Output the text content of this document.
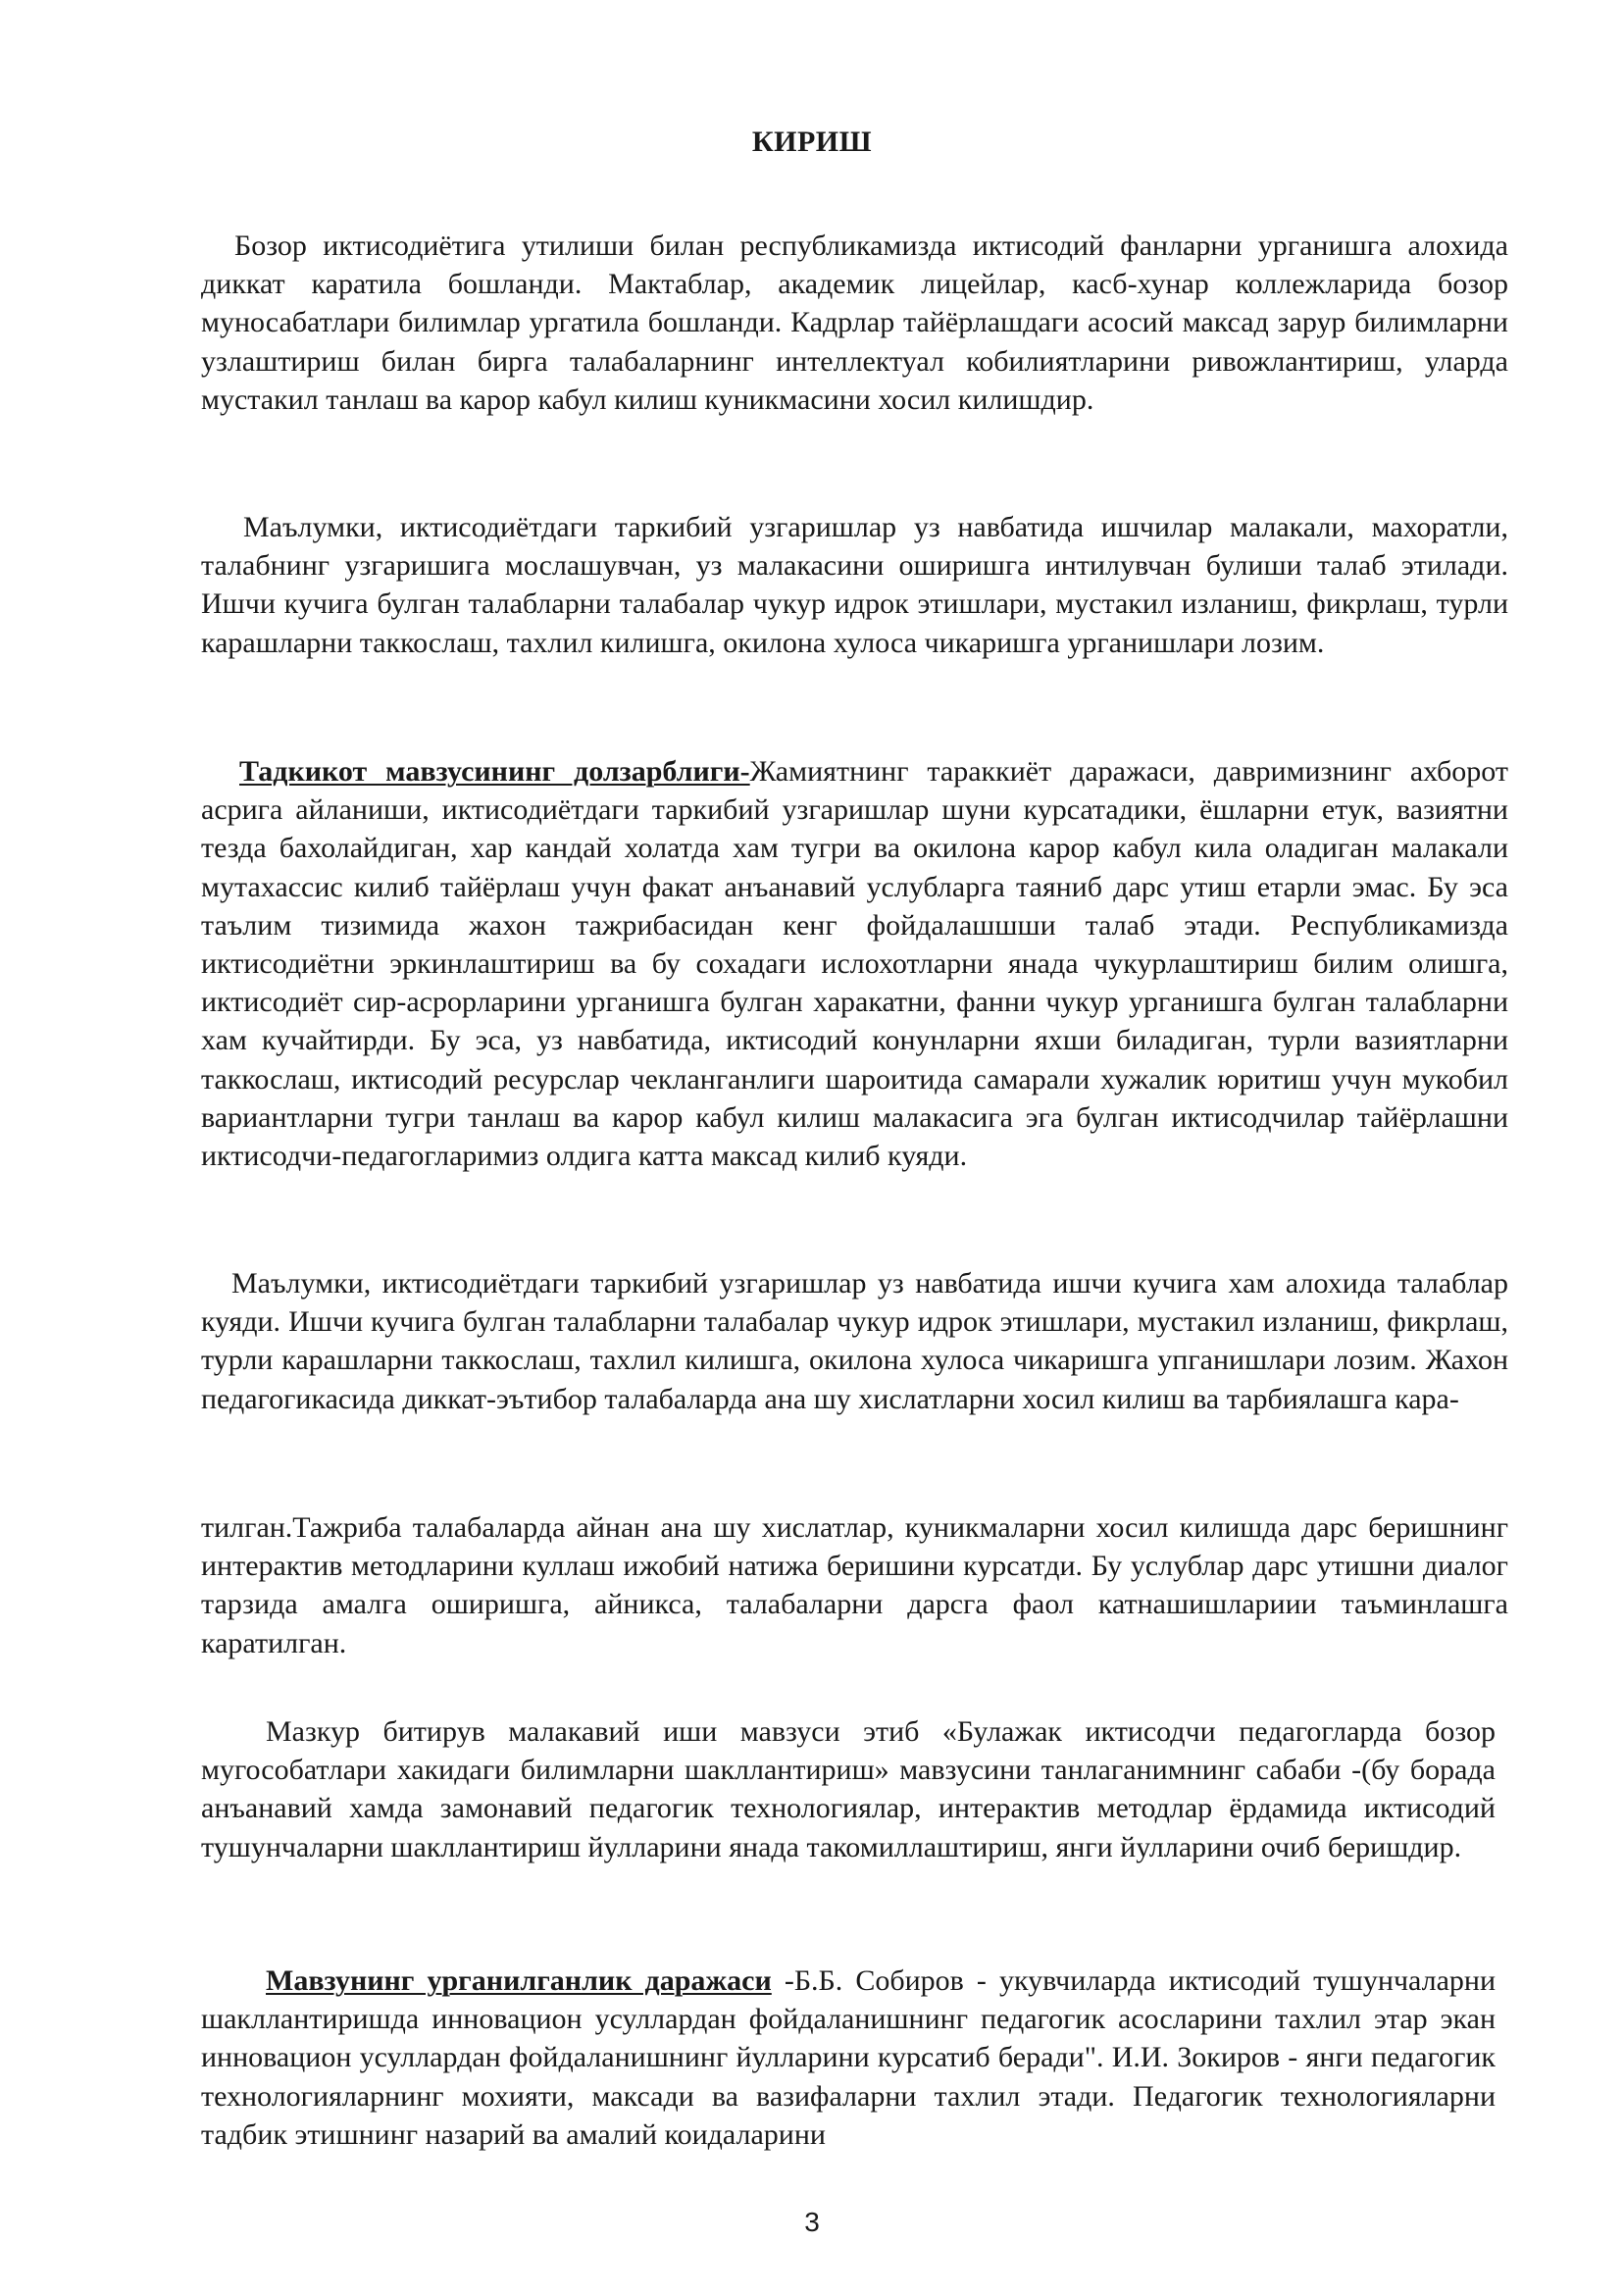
КИРИШ

Бозор иктисодиётига утилиши билан республикамизда иктисодий фанларни урганишга алохида диккат каратила бошланди. Мактаблар, академик лицейлар, касб-хунар коллежларида бозор муносабатлари билимлар ургатила бошланди. Кадрлар тайёрлашдаги асосий максад зарур билимларни узлаштириш билан бирга талабаларнинг интеллектуал кобилиятларини ривожлантириш, уларда мустакил танлаш ва карор кабул килиш куникмасини хосил килишдир.

Маълумки, иктисодиётдаги таркибий узгаришлар уз навбатида ишчилар малакали, махоратли, талабнинг узгаришига мослашувчан, уз малакасини оширишга интилувчан булиши талаб этилади. Ишчи кучига булган талабларни талабалар чукур идрок этишлари, мустакил изланиш, фикрлаш, турли карашларни таккослаш, тахлил килишга, окилона хулоса чикаришга урганишлари лозим.

Тадкикот мавзусининг долзарблиги-Жамиятнинг тараккиёт даражаси, давримизнинг ахборот асрига айланиши, иктисодиётдаги таркибий узгаришлар шуни курсатадики, ёшларни етук, вазиятни тезда бахолайдиган, хар кандай холатда хам тугри ва окилона карор кабул кила оладиган малакали мутахассис килиб тайёрлаш учун факат анъанавий услубларга таяниб дарс утиш етарли эмас. Бу эса таълим тизимида жахон тажрибасидан кенг фойдалашшши талаб этади. Республикамизда иктисодиётни эркинлаштириш ва бу сохадаги ислохотларни янада чукурлаштириш билим олишга, иктисодиёт сир-асрорларини урганишга булган харакатни, фанни чукур урганишга булган талабларни хам кучайтирди. Бу эса, уз навбатида, иктисодий конунларни яхши биладиган, турли вазиятларни таккослаш, иктисодий ресурслар чекланганлиги шароитида самарали хужалик юритиш учун мукобил вариантларни тугри танлаш ва карор кабул килиш малакасига эга булган иктисодчилар тайёрлашни иктисодчи-педагогларимиз олдига катта максад килиб куяди.

Маълумки, иктисодиётдаги таркибий узгаришлар уз навбатида ишчи кучига хам алохида талаблар куяди. Ишчи кучига булган талабларни талабалар чукур идрок этишлари, мустакил изланиш, фикрлаш, турли карашларни таккослаш, тахлил килишга, окилона хулоса чикаришга упганишлари лозим. Жахон педагогикасида диккат-эътибор талабаларда ана шу хислатларни хосил килиш ва тарбиялашга кара-

тилган.Тажриба талабаларда айнан ана шу хислатлар, куникмаларни хосил килишда дарс беришнинг интерактив методларини куллаш ижобий натижа беришини курсатди. Бу услублар дарс утишни диалог тарзида амалга оширишга, айникса, талабаларни дарсга фаол катнашишлариии таъминлашга каратилган.

Мазкур битирув малакавий иши мавзуси этиб «Булажак иктисодчи педагогларда бозор мугособатлари хакидаги билимларни шакллантириш» мавзусини танлаганимнинг сабаби -(бу борада анъанавий хамда замонавий педагогик технологиялар, интерактив методлар ёрдамида иктисодий тушунчаларни шакллантириш йулларини янада такомиллаштириш, янги йулларини очиб беришдир.

Мавзунинг урганилганлик даражаси -Б.Б. Собиров - укувчиларда иктисодий тушунчаларни шакллантиришда инновацион усуллардан фойдаланишнинг педагогик асосларини тахлил этар экан инновацион усуллардан фойдаланишнинг йулларини курсатиб беради". И.И. Зокиров - янги педагогик технологияларнинг мохияти, максади ва вазифаларни тахлил этади. Педагогик технологияларни тадбик этишнинг назарий ва амалий коидаларини

3
